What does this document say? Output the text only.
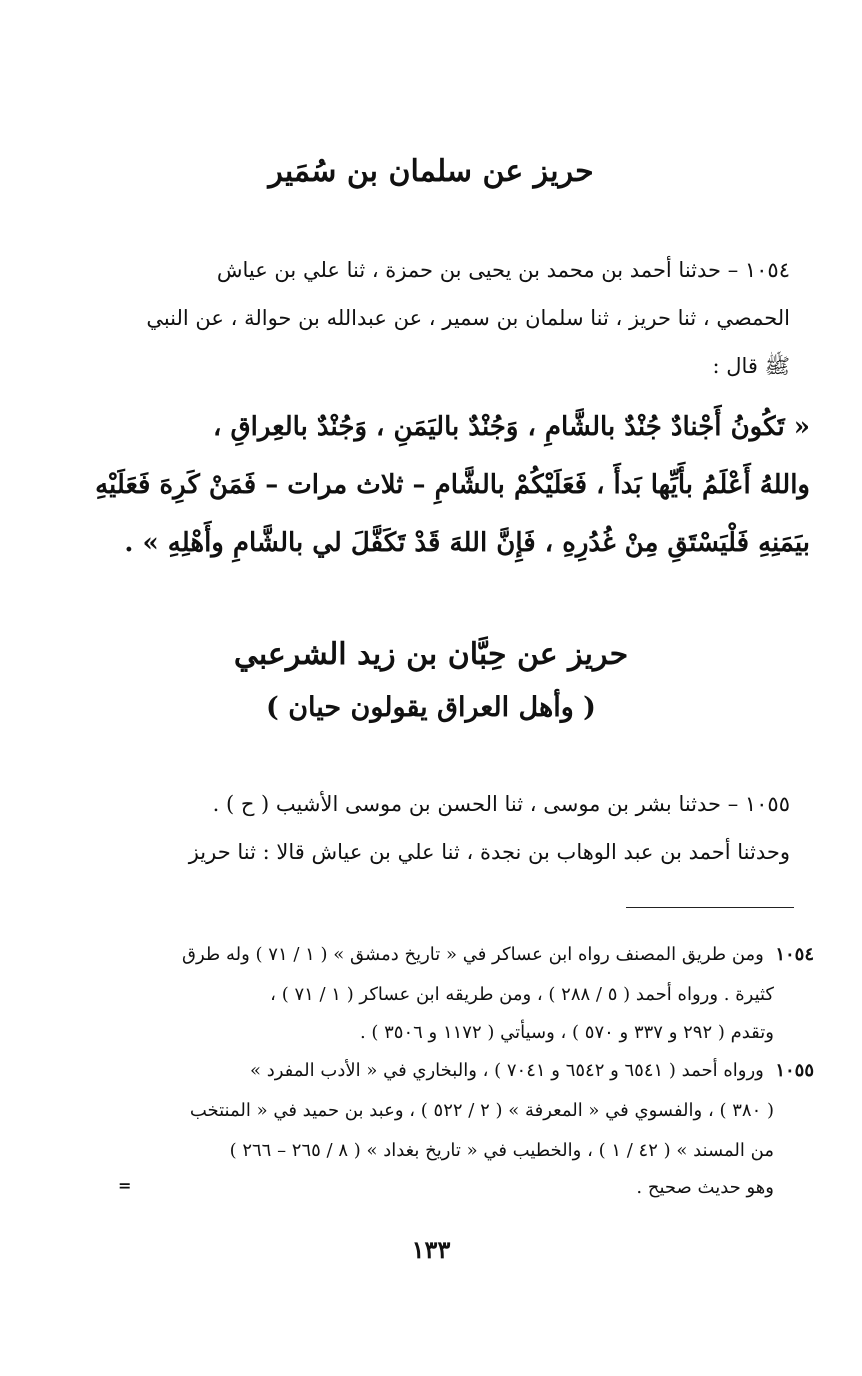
حريز عن سلمان بن سُمَير
١٠٥٤ – حدثنا أحمد بن محمد بن يحيى بن حمزة ، ثنا علي بن عياش
الحمصي ، ثنا حريز ، ثنا سلمان بن سمير ، عن عبدالله بن حوالة ، عن النبي
ﷺ قال :
« تَكُونُ أَجْنادٌ جُنْدٌ بالشَّامِ ، وَجُنْدٌ باليَمَنِ ، وَجُنْدٌ بالعِراقِ ،
واللهُ أَعْلَمُ بأَيِّها بَدأَ ، فَعَلَيْكُمْ بالشَّامِ – ثلاث مرات – فَمَنْ كَرِهَ فَعَلَيْهِ
بيَمَنِهِ فَلْيَسْتَقِ مِنْ غُدُرِهِ ، فَإِنَّ اللهَ قَدْ تَكَفَّلَ لي بالشَّامِ وأَهْلِهِ » .
حريز عن حِبَّان بن زيد الشرعبي
( وأهل العراق يقولون حيان )
١٠٥٥ – حدثنا بشر بن موسى ، ثنا الحسن بن موسى الأشيب ( ح ) .
وحدثنا أحمد بن عبد الوهاب بن نجدة ، ثنا علي بن عياش قالا : ثنا حريز
١٠٥٤  ومن طريق المصنف رواه ابن عساكر في « تاريخ دمشق » ( ١ / ٧١ ) وله طرق
كثيرة . ورواه أحمد ( ٥ / ٢٨٨ ) ، ومن طريقه ابن عساكر ( ١ / ٧١ ) ،
وتقدم ( ٢٩٢ و ٣٣٧ و ٥٧٠ ) ، وسيأتي ( ١١٧٢ و ٣٥٠٦ ) .
١٠٥٥  ورواه أحمد ( ٦٥٤١ و ٦٥٤٢ و ٧٠٤١ ) ، والبخاري في « الأدب المفرد »
( ٣٨٠ ) ، والفسوي في « المعرفة » ( ٢ / ٥٢٢ ) ، وعبد بن حميد في « المنتخب
من المسند » ( ٤٢ / ١ ) ، والخطيب في « تاريخ بغداد » ( ٨ / ٢٦٥ – ٢٦٦ )
وهو حديث صحيح .
=
١٣٣
